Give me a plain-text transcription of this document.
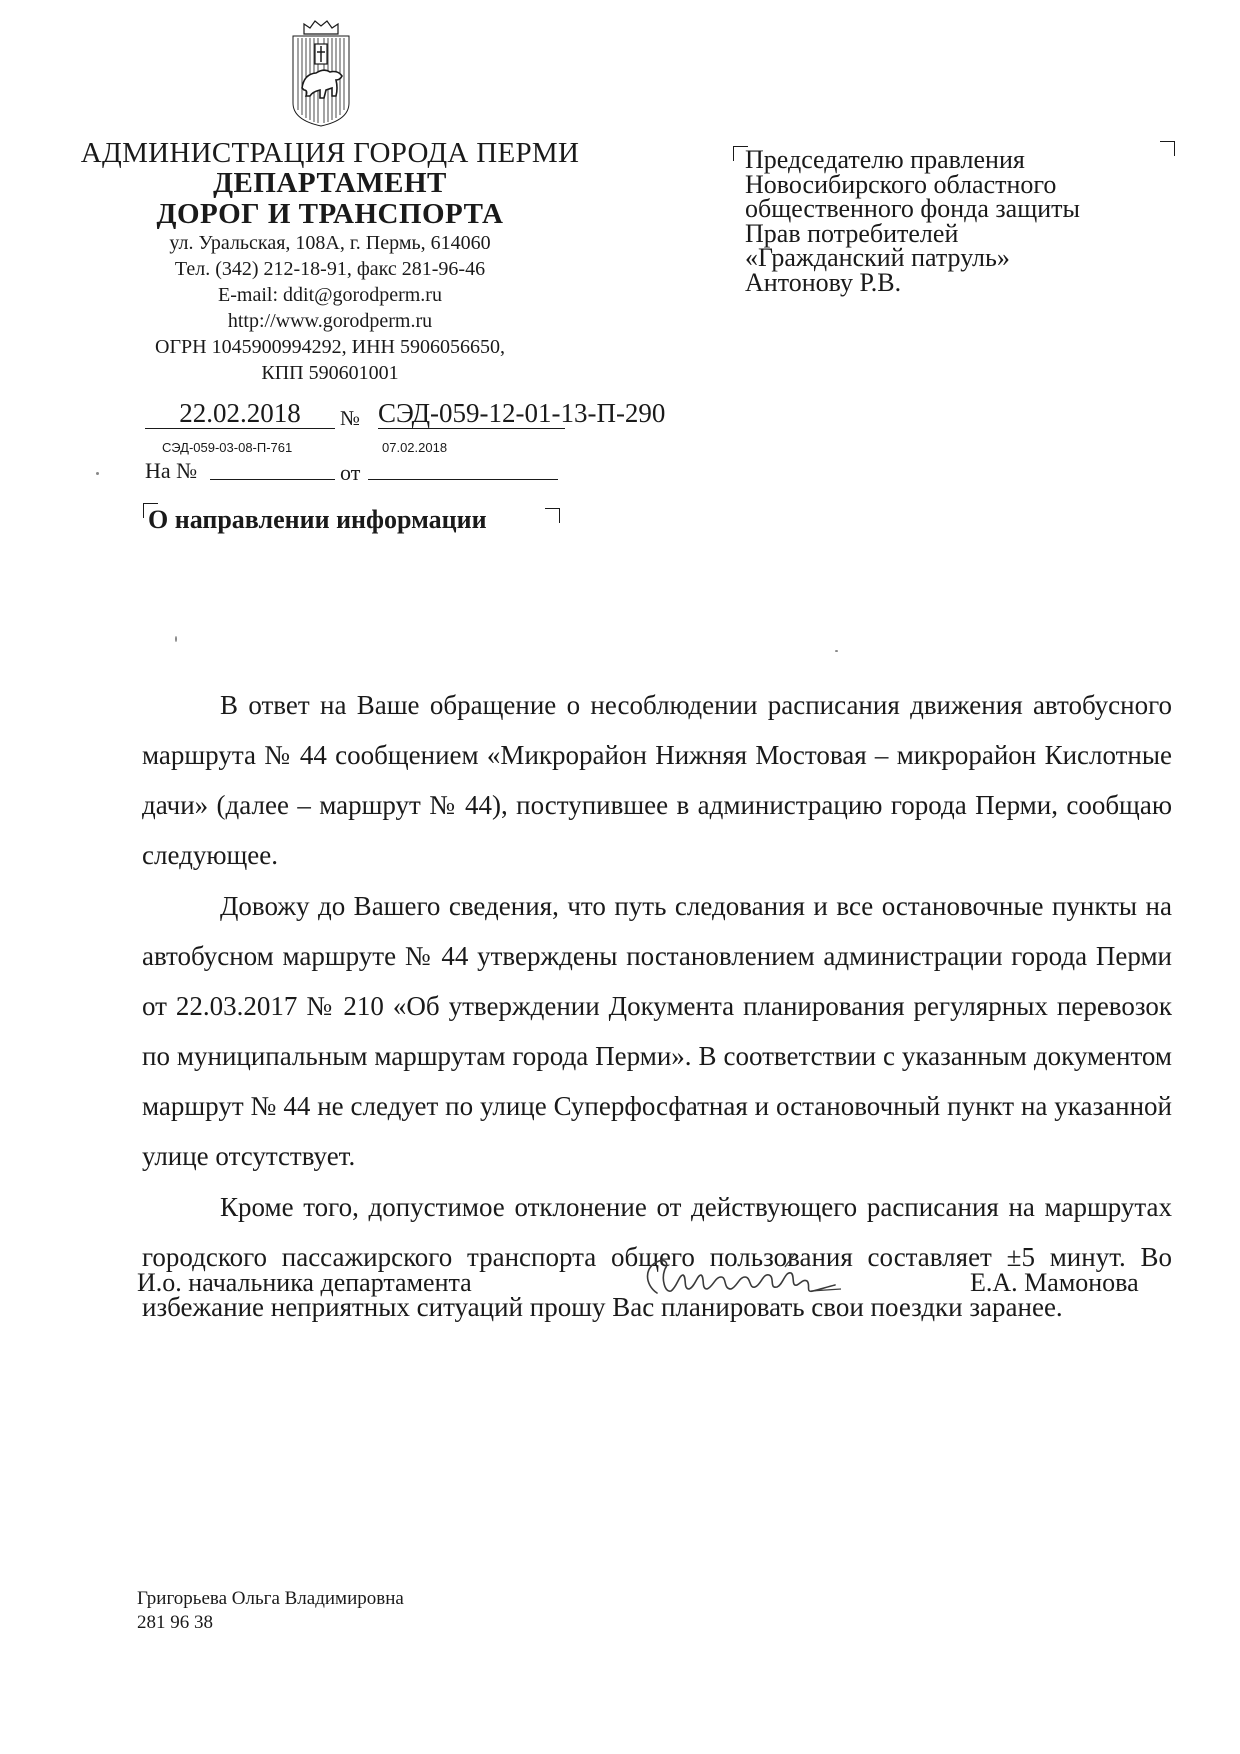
АДМИНИСТРАЦИЯ ГОРОДА ПЕРМИ
ДЕПАРТАМЕНТ
ДОРОГ И ТРАНСПОРТА
ул. Уральская, 108А, г. Пермь, 614060
Тел. (342) 212-18-91, факс 281-96-46
E-mail: ddit@gorodperm.ru
http://www.gorodperm.ru
ОГРН 1045900994292, ИНН 5906056650,
КПП 590601001
22.02.2018	№ СЭД-059-12-01-13-П-290
СЭД-059-03-08-П-761	07.02.2018
На №	от
О направлении информации
Председателю правления
Новосибирского областного
общественного фонда защиты
Прав потребителей
«Гражданский патруль»
Антонову Р.В.

В ответ на Ваше обращение о несоблюдении расписания движения автобусного маршрута № 44 сообщением «Микрорайон Нижняя Мостовая – микрорайон Кислотные дачи» (далее – маршрут № 44), поступившее в администрацию города Перми, сообщаю следующее.

Довожу до Вашего сведения, что путь следования и все остановочные пункты на автобусном маршруте № 44 утверждены постановлением администрации города Перми от 22.03.2017 № 210 «Об утверждении Документа планирования регулярных перевозок по муниципальным маршрутам города Перми». В соответствии с указанным документом маршрут № 44 не следует по улице Суперфосфатная и остановочный пункт на указанной улице отсутствует.

Кроме того, допустимое отклонение от действующего расписания на маршрутах городского пассажирского транспорта общего пользования составляет ±5 минут. Во избежание неприятных ситуаций прошу Вас планировать свои поездки заранее.

И.о. начальника департамента	Е.А. Мамонова
Григорьева Ольга Владимировна
281 96 38
